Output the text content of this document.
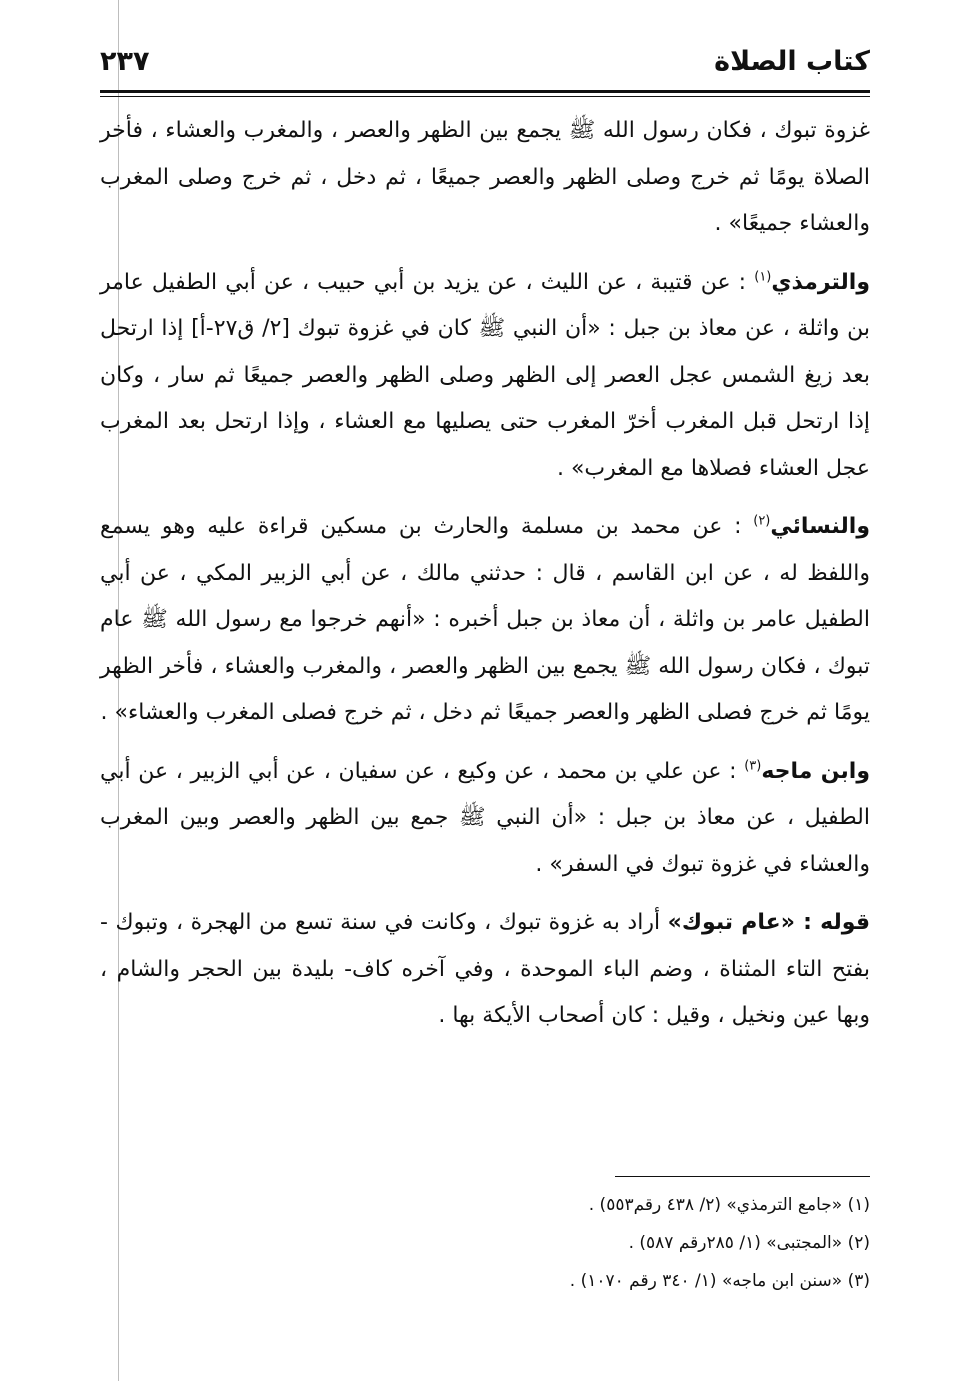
كتاب الصلاة
٢٣٧

غزوة تبوك ، فكان رسول الله ﷺ يجمع بين الظهر والعصر ، والمغرب والعشاء ، فأخر الصلاة يومًا ثم خرج وصلى الظهر والعصر جميعًا ، ثم دخل ، ثم خرج وصلى المغرب والعشاء جميعًا» .

والترمذي$^{(١)}$ : عن قتيبة ، عن الليث ، عن يزيد بن أبي حبيب ، عن أبي الطفيل عامر بن واثلة ، عن معاذ بن جبل : «أن النبي ﷺ كان في غزوة تبوك [٢/ ق٢٧-أ] إذا ارتحل بعد زيغ الشمس عجل العصر إلى الظهر وصلى الظهر والعصر جميعًا ثم سار ، وكان إذا ارتحل قبل المغرب أخرّ المغرب حتى يصليها مع العشاء ، وإذا ارتحل بعد المغرب عجل العشاء فصلاها مع المغرب» .

والنسائي$^{(٢)}$ : عن محمد بن مسلمة والحارث بن مسكين قراءة عليه وهو يسمع واللفظ له ، عن ابن القاسم ، قال : حدثني مالك ، عن أبي الزبير المكي ، عن أبي الطفيل عامر بن واثلة ، أن معاذ بن جبل أخبره : «أنهم خرجوا مع رسول الله ﷺ عام تبوك ، فكان رسول الله ﷺ يجمع بين الظهر والعصر ، والمغرب والعشاء ، فأخر الظهر يومًا ثم خرج فصلى الظهر والعصر جميعًا ثم دخل ، ثم خرج فصلى المغرب والعشاء» .

وابن ماجه$^{(٣)}$ : عن علي بن محمد ، عن وكيع ، عن سفيان ، عن أبي الزبير ، عن أبي الطفيل ، عن معاذ بن جبل : «أن النبي ﷺ جمع بين الظهر والعصر وبين المغرب والعشاء في غزوة تبوك في السفر» .

قوله : «عام تبوك» أراد به غزوة تبوك ، وكانت في سنة تسع من الهجرة ، وتبوك - بفتح التاء المثناة ، وضم الباء الموحدة ، وفي آخره كاف- بليدة بين الحجر والشام ، وبها عين ونخيل ، وقيل : كان أصحاب الأيكة بها .

(١) «جامع الترمذي» (٢/ ٤٣٨ رقم٥٥٣) .
(٢) «المجتبى» (١/ ٢٨٥رقم ٥٨٧) .
(٣) «سنن ابن ماجه» (١/ ٣٤٠ رقم ١٠٧٠) .
